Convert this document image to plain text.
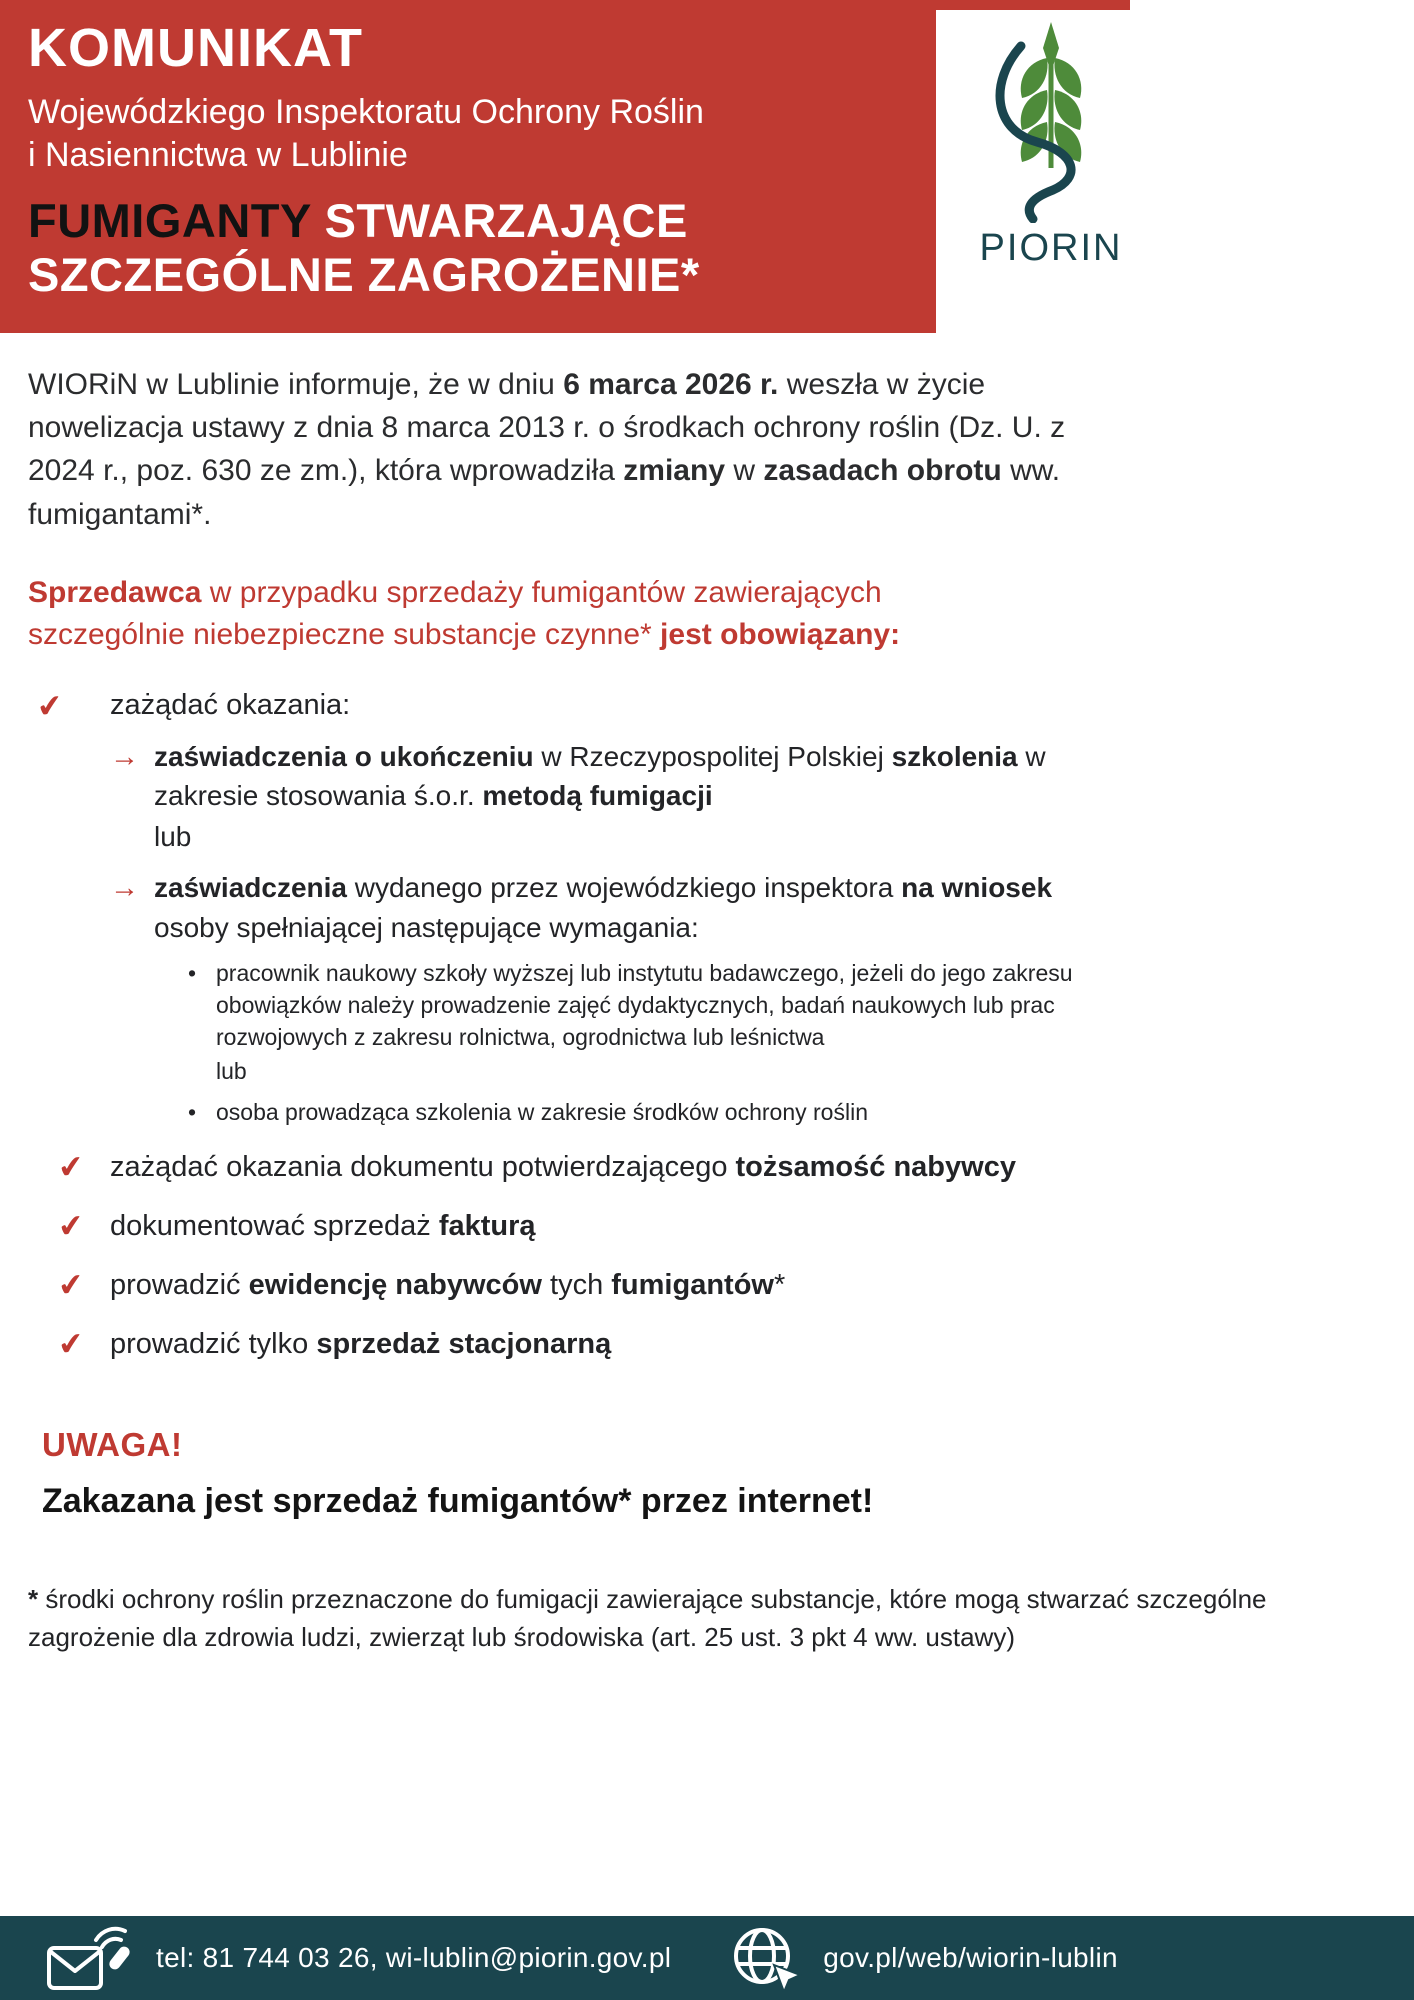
KOMUNIKAT

Wojewódzkiego Inspektoratu Ochrony Roślin
i Nasiennictwa w Lublinie

FUMIGANTY STWARZAJĄCE SZCZEGÓLNE ZAGROŻENIE*
PIORIN

WIORiN w Lublinie informuje, że w dniu 6 marca 2026 r. weszła w życie nowelizacja ustawy z dnia 8 marca 2013 r. o środkach ochrony roślin (Dz. U. z 2024 r., poz. 630 ze zm.), która wprowadziła zmiany w zasadach obrotu ww. fumigantami*.

Sprzedawca w przypadku sprzedaży fumigantów zawierających szczególnie niebezpieczne substancje czynne* jest obowiązany:

✔	zażądać okazania:
→ zaświadczenia o ukończeniu w Rzeczypospolitej Polskiej szkolenia w zakresie stosowania ś.o.r. metodą fumigacji
lub
→ zaświadczenia wydanego przez wojewódzkiego inspektora na wniosek osoby spełniającej następujące wymagania:
• pracownik naukowy szkoły wyższej lub instytutu badawczego, jeżeli do jego zakresu obowiązków należy prowadzenie zajęć dydaktycznych, badań naukowych lub prac rozwojowych z zakresu rolnictwa, ogrodnictwa lub leśnictwa
lub
• osoba prowadząca szkolenia w zakresie środków ochrony roślin
✔ zażądać okazania dokumentu potwierdzającego tożsamość nabywcy
✔ dokumentować sprzedaż fakturą
✔ prowadzić ewidencję nabywców tych fumigantów*
✔ prowadzić tylko sprzedaż stacjonarną
UWAGA!
Zakazana jest sprzedaż fumigantów* przez internet!

* środki ochrony roślin przeznaczone do fumigacji zawierające substancje, które mogą stwarzać szczególne zagrożenie dla zdrowia ludzi, zwierząt lub środowiska (art. 25 ust. 3 pkt 4 ww. ustawy)

tel: 81 744 03 26, wi-lublin@piorin.gov.pl	gov.pl/web/wiorin-lublin
